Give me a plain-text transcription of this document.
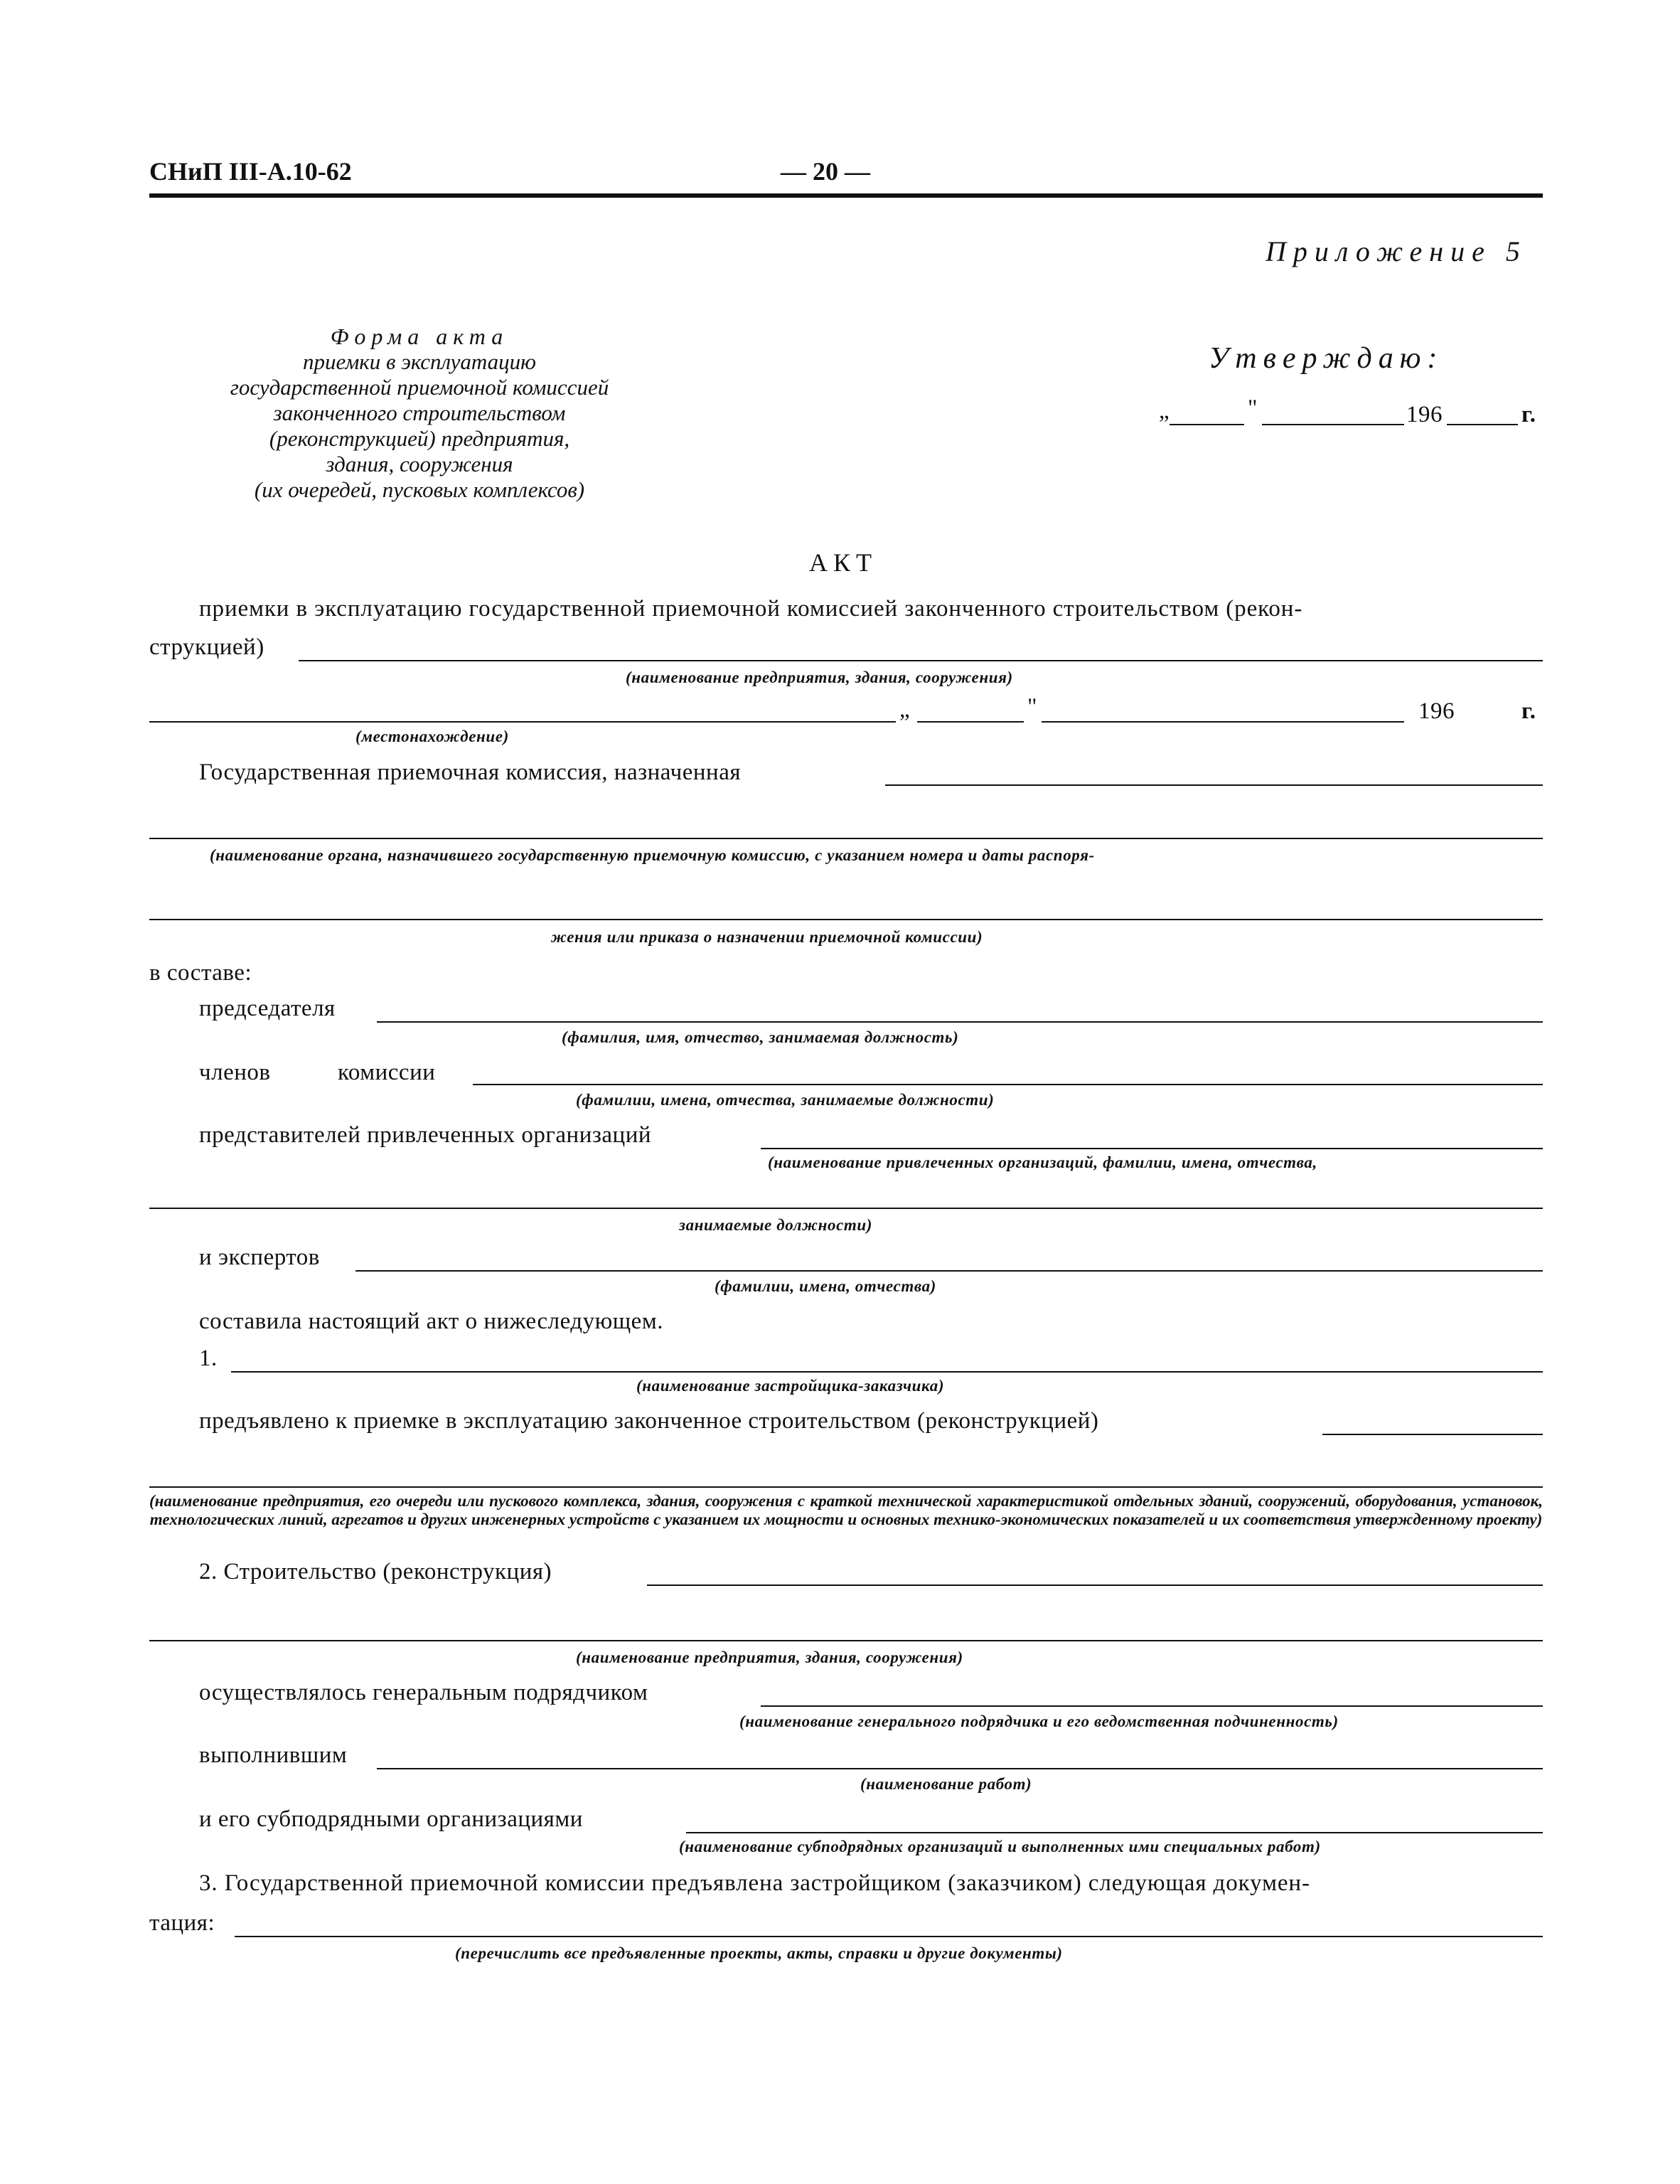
СНиП III-А.10-62	— 20 —
Приложение 5
Форма акта
приемки в эксплуатацию
государственной приемочной комиссией
законченного строительством
(реконструкцией) предприятия,
здания, сооружения
(их очередей, пусковых комплексов)
Утверждаю:
„	"	196	г.
АКТ
приемки в эксплуатацию государственной приемочной комиссией законченного строительством (рекон-
струкцией)
(наименование предприятия, здания, сооружения)
„	"	196	г.
(местонахождение)
Государственная приемочная комиссия, назначенная
(наименование органа, назначившего государственную приемочную комиссию, с указанием номера и даты распоря-
жения или приказа о назначении приемочной комиссии)
в составе:
председателя
(фамилия, имя, отчество, занимаемая должность)
членов	комиссии
(фамилии, имена, отчества, занимаемые должности)
представителей привлеченных организаций
(наименование привлеченных организаций, фамилии, имена, отчества,
занимаемые должности)
и экспертов
(фамилии, имена, отчества)
составила настоящий акт о нижеследующем.
1.
(наименование застройщика-заказчика)
предъявлено к приемке в эксплуатацию законченное строительством (реконструкцией)
(наименование предприятия, его очереди или пускового комплекса, здания, сооружения с краткой технической характеристикой отдельных зданий, сооружений, оборудования, установок, технологических линий, агрегатов и других инженерных устройств с указанием их мощности и основных технико-экономических показателей и их соответствия утвержденному проекту)
2. Строительство (реконструкция)
(наименование предприятия, здания, сооружения)
осуществлялось генеральным подрядчиком
(наименование генерального подрядчика и его ведомственная подчиненность)
выполнившим
(наименование работ)
и его субподрядными организациями
(наименование субподрядных организаций и выполненных ими специальных работ)
3. Государственной приемочной комиссии предъявлена застройщиком (заказчиком) следующая докумен-
тация:
(перечислить все предъявленные проекты, акты, справки и другие документы)
